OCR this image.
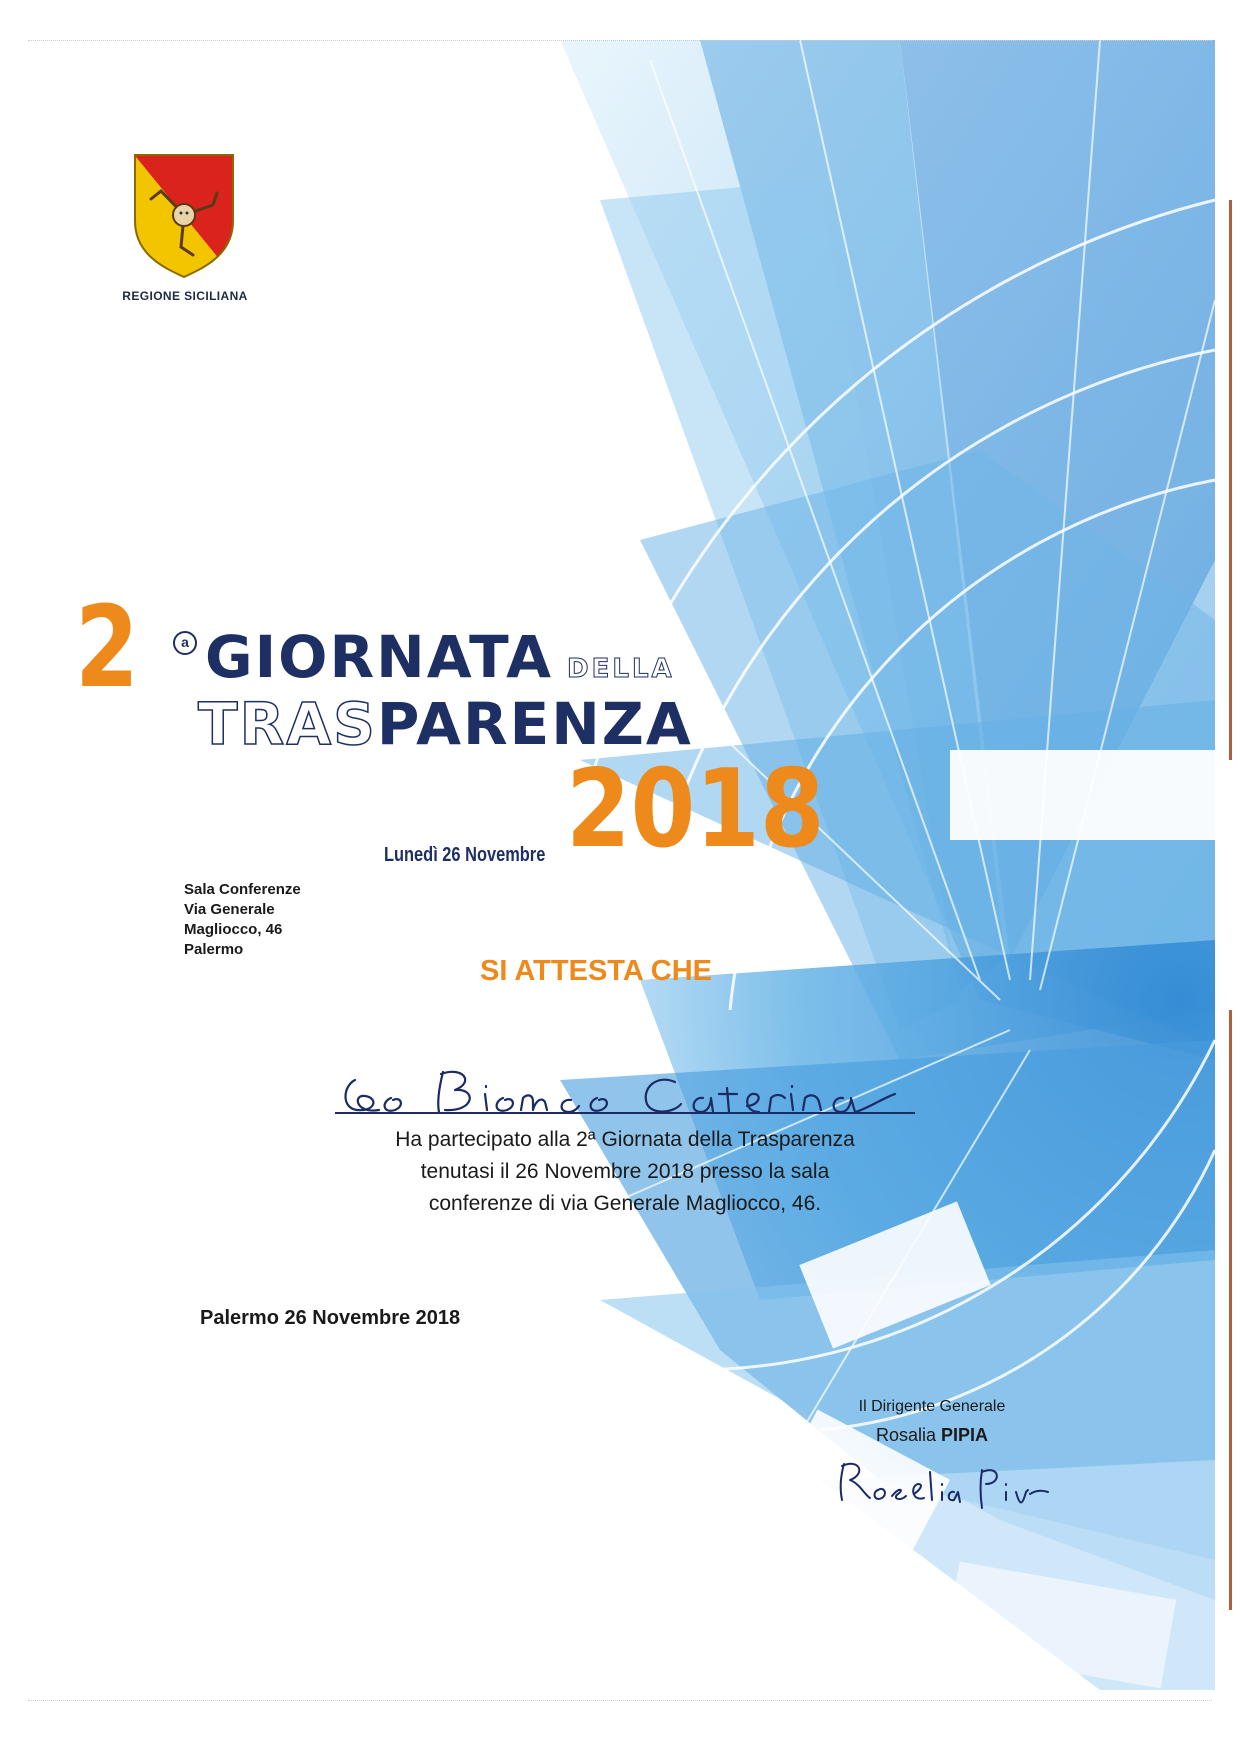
REGIONE SICILIANA
2	a GIORNATA DELLA
TRASPARENZA
2018
Lunedì 26 Novembre
Sala Conferenze
Via Generale
Magliocco, 46
Palermo
SI ATTESTA CHE
Lo Bianco Caterina
Ha partecipato alla 2ª Giornata della Trasparenza
tenutasi il 26 Novembre 2018 presso la sala
conferenze di via Generale Magliocco, 46.
Palermo 26 Novembre 2018
Il Dirigente Generale
Rosalia PIPIA
Rosalia Pipia
